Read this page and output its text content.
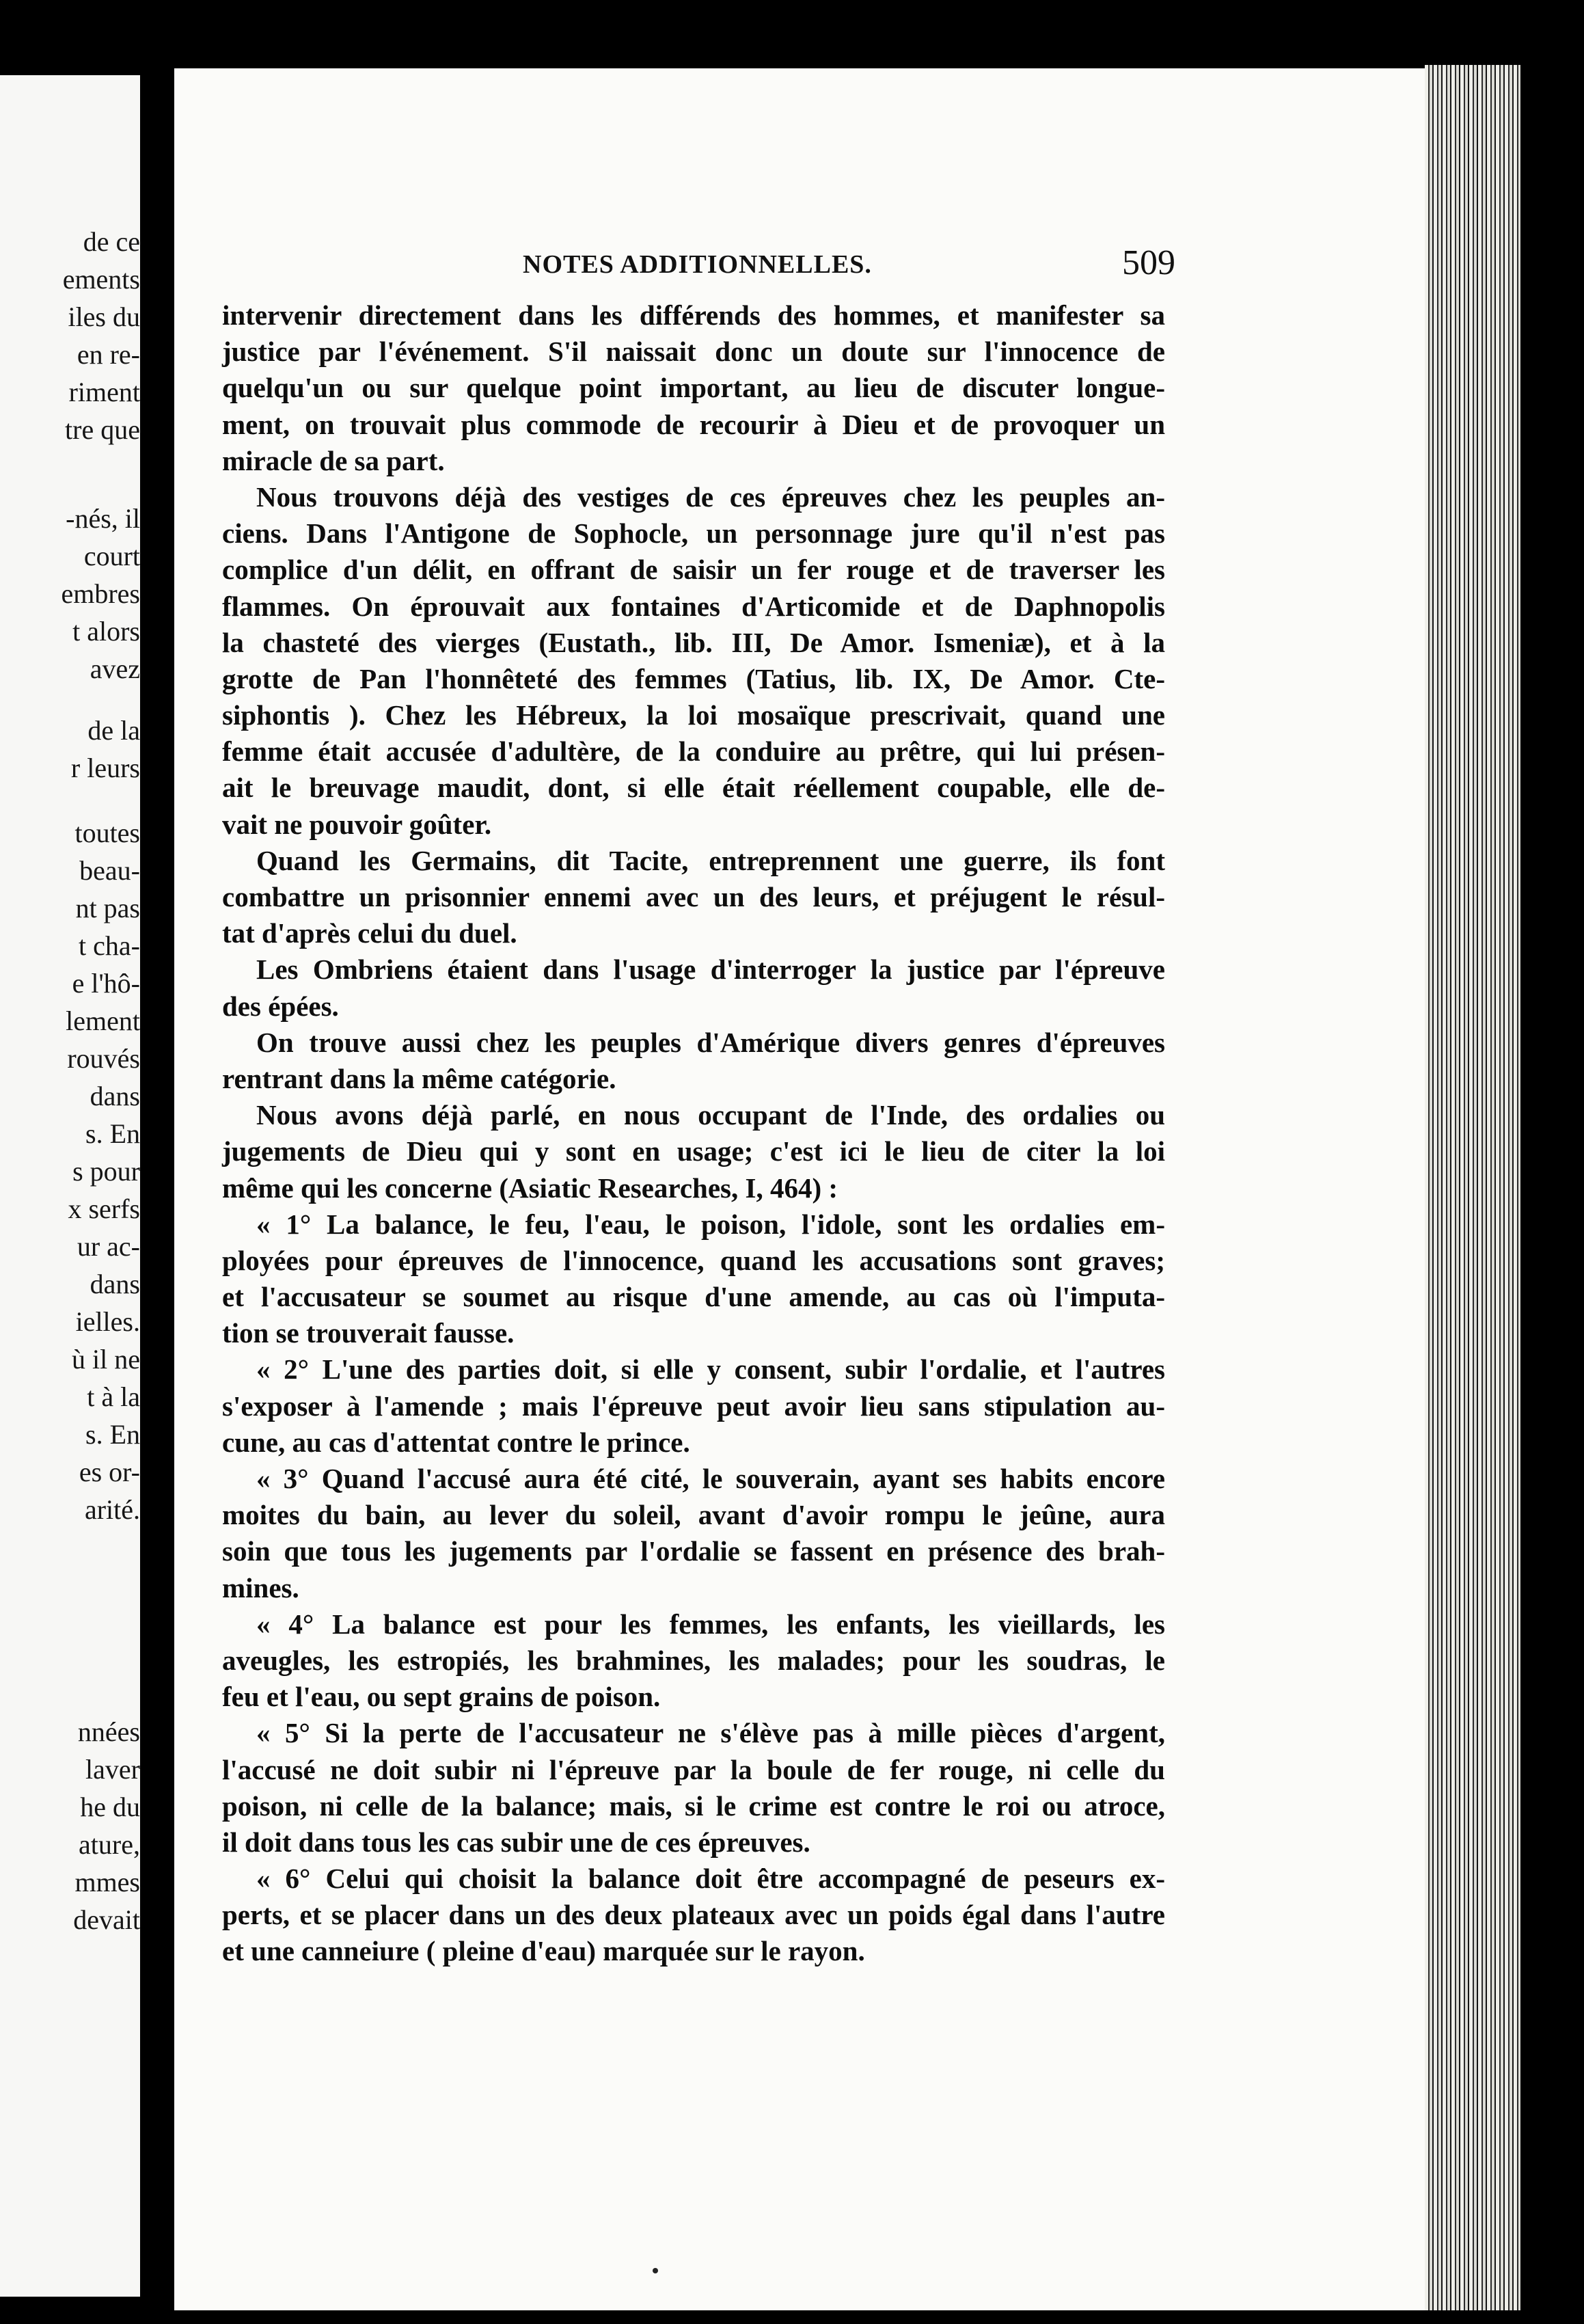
de ce
ements
iles du
en re-
riment
tre que
-nés, il
court
embres
t alors
avez
de la
r leurs
toutes
beau-
nt pas
t cha-
e l'hô-
lement
rouvés
dans
s. En
s pour
x serfs
ur ac-
dans
ielles.
ù il ne
t à la
s. En
es or-
arité.
nnées
laver
he du
ature,
mmes
devait
NOTES ADDITIONNELLES.	509
intervenir directement dans les différends des hommes, et manifester sa
justice par l'événement. S'il naissait donc un doute sur l'innocence de
quelqu'un ou sur quelque point important, au lieu de discuter longue-
ment, on trouvait plus commode de recourir à Dieu et de provoquer un
miracle de sa part.
Nous trouvons déjà des vestiges de ces épreuves chez les peuples an-
ciens. Dans l'Antigone de Sophocle, un personnage jure qu'il n'est pas
complice d'un délit, en offrant de saisir un fer rouge et de traverser les
flammes. On éprouvait aux fontaines d'Articomide et de Daphnopolis
la chasteté des vierges (Eustath., lib. III, De Amor. Ismeniæ), et à la
grotte de Pan l'honnêteté des femmes (Tatius, lib. IX, De Amor. Cte-
siphontis ). Chez les Hébreux, la loi mosaïque prescrivait, quand une
femme était accusée d'adultère, de la conduire au prêtre, qui lui présen-
ait le breuvage maudit, dont, si elle était réellement coupable, elle de-
vait ne pouvoir goûter.
Quand les Germains, dit Tacite, entreprennent une guerre, ils font
combattre un prisonnier ennemi avec un des leurs, et préjugent le résul-
tat d'après celui du duel.
Les Ombriens étaient dans l'usage d'interroger la justice par l'épreuve
des épées.
On trouve aussi chez les peuples d'Amérique divers genres d'épreuves
rentrant dans la même catégorie.
Nous avons déjà parlé, en nous occupant de l'Inde, des ordalies ou
jugements de Dieu qui y sont en usage; c'est ici le lieu de citer la loi
même qui les concerne (Asiatic Researches, I, 464) :
« 1° La balance, le feu, l'eau, le poison, l'idole, sont les ordalies em-
ployées pour épreuves de l'innocence, quand les accusations sont graves;
et l'accusateur se soumet au risque d'une amende, au cas où l'imputa-
tion se trouverait fausse.
« 2° L'une des parties doit, si elle y consent, subir l'ordalie, et l'autres
s'exposer à l'amende ; mais l'épreuve peut avoir lieu sans stipulation au-
cune, au cas d'attentat contre le prince.
« 3° Quand l'accusé aura été cité, le souverain, ayant ses habits encore
moites du bain, au lever du soleil, avant d'avoir rompu le jeûne, aura
soin que tous les jugements par l'ordalie se fassent en présence des brah-
mines.
« 4° La balance est pour les femmes, les enfants, les vieillards, les
aveugles, les estropiés, les brahmines, les malades; pour les soudras, le
feu et l'eau, ou sept grains de poison.
« 5° Si la perte de l'accusateur ne s'élève pas à mille pièces d'argent,
l'accusé ne doit subir ni l'épreuve par la boule de fer rouge, ni celle du
poison, ni celle de la balance; mais, si le crime est contre le roi ou atroce,
il doit dans tous les cas subir une de ces épreuves.
« 6° Celui qui choisit la balance doit être accompagné de peseurs ex-
perts, et se placer dans un des deux plateaux avec un poids égal dans l'autre
et une canneiure ( pleine d'eau) marquée sur le rayon.
